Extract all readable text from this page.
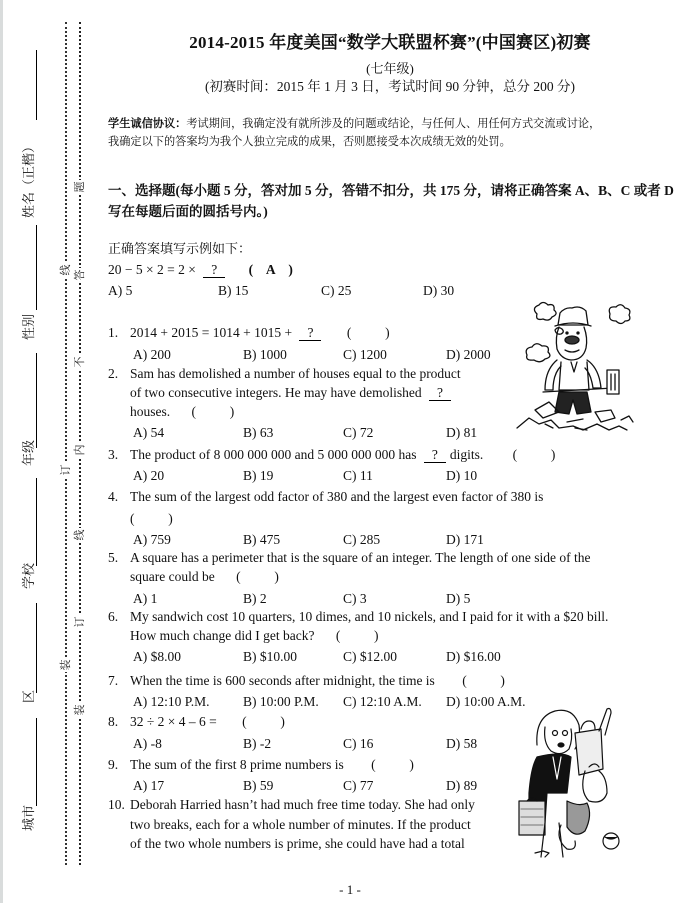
姓名（正楷）
性别
年级
学校
区
城市
线
订
装
题
答
不
内
线
订
装
2014-2015 年度美国“数学大联盟杯赛”(中国赛区)初赛
(七年级)
(初赛时间：2015 年 1 月 3 日，考试时间 90 分钟，总分 200 分)
学生诚信协议：考试期间，我确定没有就所涉及的问题或结论，与任何人、用任何方式交流或讨论，
我确定以下的答案均为我个人独立完成的成果，否则愿接受本次成绩无效的处罚。
一、选择题(每小题 5 分，答对加 5 分，答错不扣分，共 175 分，请将正确答案 A、B、C 或者 D 写在每题后面的圆括号内。)
正确答案填写示例如下：
20 − 5 × 2 = 2 × ? (    A    )
A) 5	B) 15	C) 25	D) 30
1. 2014 + 2015 = 1014 + 1015 + ? (          )
A) 200	B) 1000	C) 1200	D) 2000
2. Sam has demolished a number of houses equal to the product
of two consecutive integers. He may have demolished ?
houses. (          )
A) 54	B) 63	C) 72	D) 81
3. The product of 8 000 000 000 and 5 000 000 000 has ? digits. (          )
A) 20	B) 19	C) 11	D) 10
4. The sum of the largest odd factor of 380 and the largest even factor of 380 is
(          )
A) 759	B) 475	C) 285	D) 171
5. A square has a perimeter that is the square of an integer. The length of one side of the
square could be (          )
A) 1	B) 2	C) 3	D) 5
6. My sandwich cost 10 quarters, 10 dimes, and 10 nickels, and I paid for it with a $20 bill.
How much change did I get back? (          )
A) $8.00	B) $10.00	C) $12.00	D) $16.00
7. When the time is 600 seconds after midnight, the time is (          )
A) 12:10 P.M. B) 10:00 P.M. C) 12:10 A.M. D) 10:00 A.M.
8. 32 ÷ 2 × 4 – 6 = (          )
A) -8	B) -2	C) 16	D) 58
9. The sum of the first 8 prime numbers is (          )
A) 17	B) 59	C) 77	D) 89
10. Deborah Harried hasn’t had much free time today. She had only
two breaks, each for a whole number of minutes. If the product
of the two whole numbers is prime, she could have had a total
- 1 -
